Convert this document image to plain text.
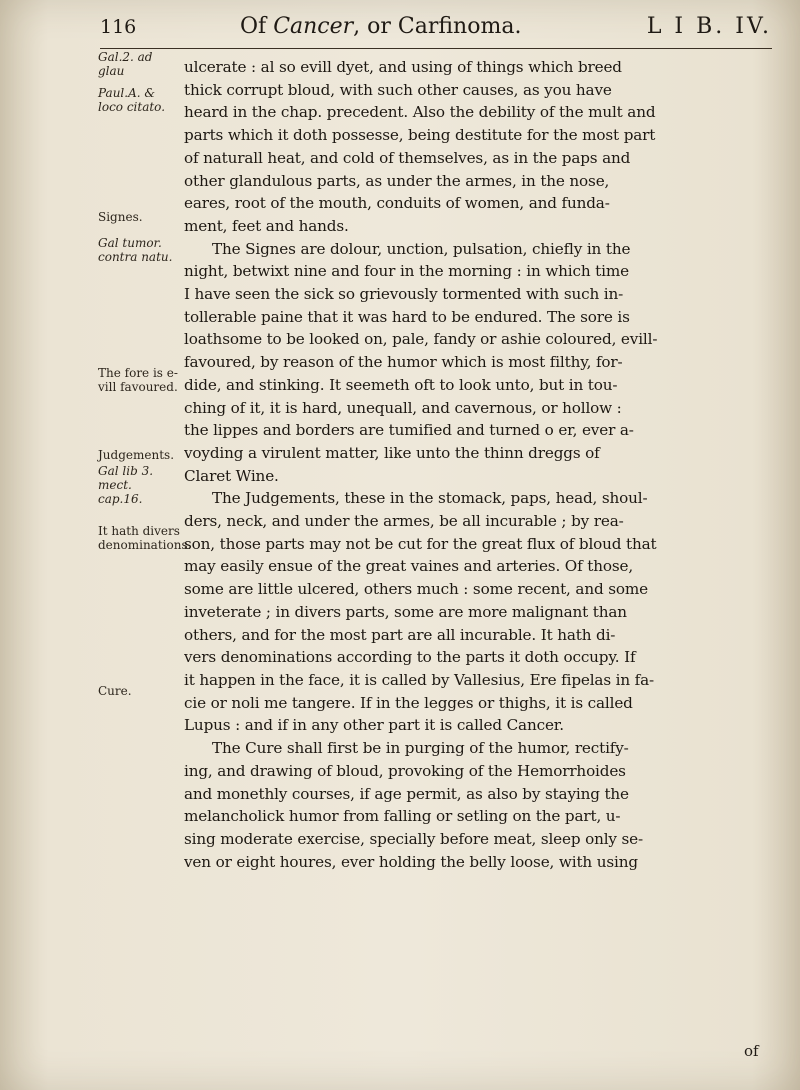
116	Of Cancer, or Carfinoma.	L I B. IV.
Gal.2. ad glau
Paul.A. & loco citato.
Signes.
Gal tumor. contra natu.
The fore is e- vill favoured.
Judgements.
Gal lib 3. mect. cap.16.
It hath divers denominations.
Cure.
ulcerate : al so evill dyet, and using of things which breed
thick corrupt bloud, with such other causes, as you have
heard in the chap. precedent. Also the debility of the mult and
parts which it doth possesse, being destitute for the most part
of naturall heat, and cold of themselves, as in the paps and
other glandulous parts, as under the armes, in the nose,
eares, root of the mouth, conduits of women, and funda-
ment, feet and hands.
The Signes are dolour, unction, pulsation, chiefly in the
night, betwixt nine and four in the morning : in which time
I have seen the sick so grievously tormented with such in-
tollerable paine that it was hard to be endured. The sore is
loathsome to be looked on, pale, fandy or ashie coloured, evill-
favoured, by reason of the humor which is most filthy, for-
dide, and stinking. It seemeth oft to look unto, but in tou-
ching of it, it is hard, unequall, and cavernous, or hollow :
the lippes and borders are tumified and turned o er, ever a-
voyding a virulent matter, like unto the thinn dreggs of
Claret Wine.
The Judgements, these in the stomack, paps, head, shoul-
ders, neck, and under the armes, be all incurable ; by rea-
son, those parts may not be cut for the great flux of bloud that
may easily ensue of the great vaines and arteries. Of those,
some are little ulcered, others much : some recent, and some
inveterate ; in divers parts, some are more malignant than
others, and for the most part are all incurable. It hath di-
vers denominations according to the parts it doth occupy. If
it happen in the face, it is called by Vallesius, Ere fipelas in fa-
cie or noli me tangere. If in the legges or thighs, it is called
Lupus : and if in any other part it is called Cancer.
The Cure shall first be in purging of the humor, rectify-
ing, and drawing of bloud, provoking of the Hemorrhoides
and monethly courses, if age permit, as also by staying the
melancholick humor from falling or setling on the part, u-
sing moderate exercise, specially before meat, sleep only se-
ven or eight houres, ever holding the belly loose, with using
of
